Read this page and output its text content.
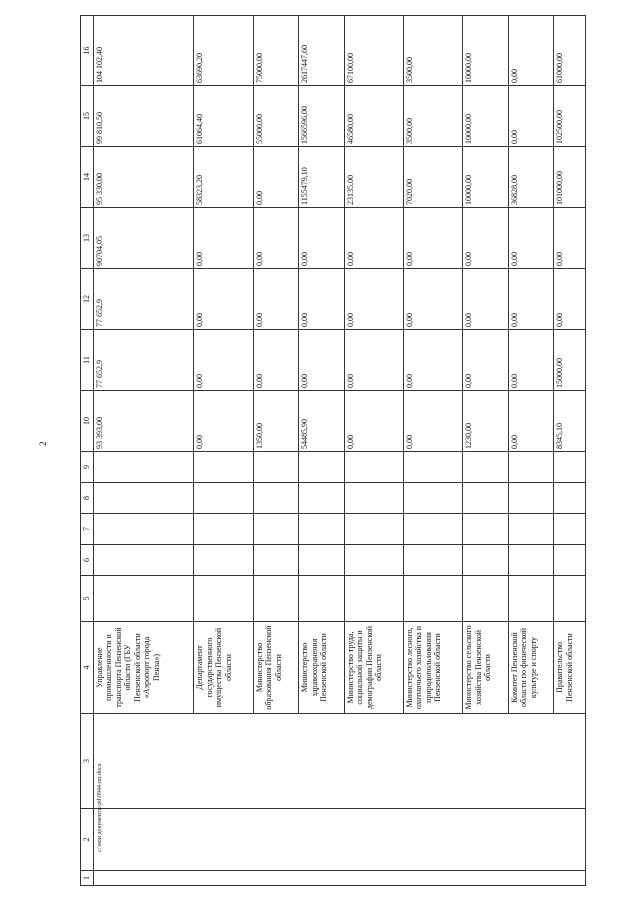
2
1	2	3	4	5	6	7	8	9	10	11	12	13	14	15	16
			Управление промышленности и транспорта Пензенской области (ГБУ Пензенской области «Аэропорт города Пенза»)						93 393,00	77 652,9	77 652,9	90704,05	95 330,00	99 810,50	104 102,40
			Департамент государственного имущества Пензенской области						0,00	0,00	0,00	0,00	58323,20	61064,40	63690,20
			Министерство образования Пензенской области						1350,00	0,00	0,00	0,00	0,00	55000,00	75000,00
			Министерство здравоохранения Пензенской области						54485,90	0,00	0,00	0,00	1155479,10	1566596,00	2617447,60
			Министерство труда, социальной защиты и демографии Пензенской области						0,00	0,00	0,00	0,00	23135,00	46580,00	67100,00
			Министерство лесного, охотничьего хозяйства и природопользования Пензенской области						0,00	0,00	0,00	0,00	7020,00	3500,00	3500,00
			Министерство сельского хозяйства Пензенской области						1230,00	0,00	0,00	0,00	10000,00	10000,00	10000,00
			Комитет Пензенской области по физической культуре и спорту						0,00	0,00	0,00	0,00	36828,00	0,00	0,00
			Правительство Пензенской области						8345,10	15000,00	0,00	0,00	101000,00	102500,00	61000,00
c:\мои документы\pd\0944-пп.docx
